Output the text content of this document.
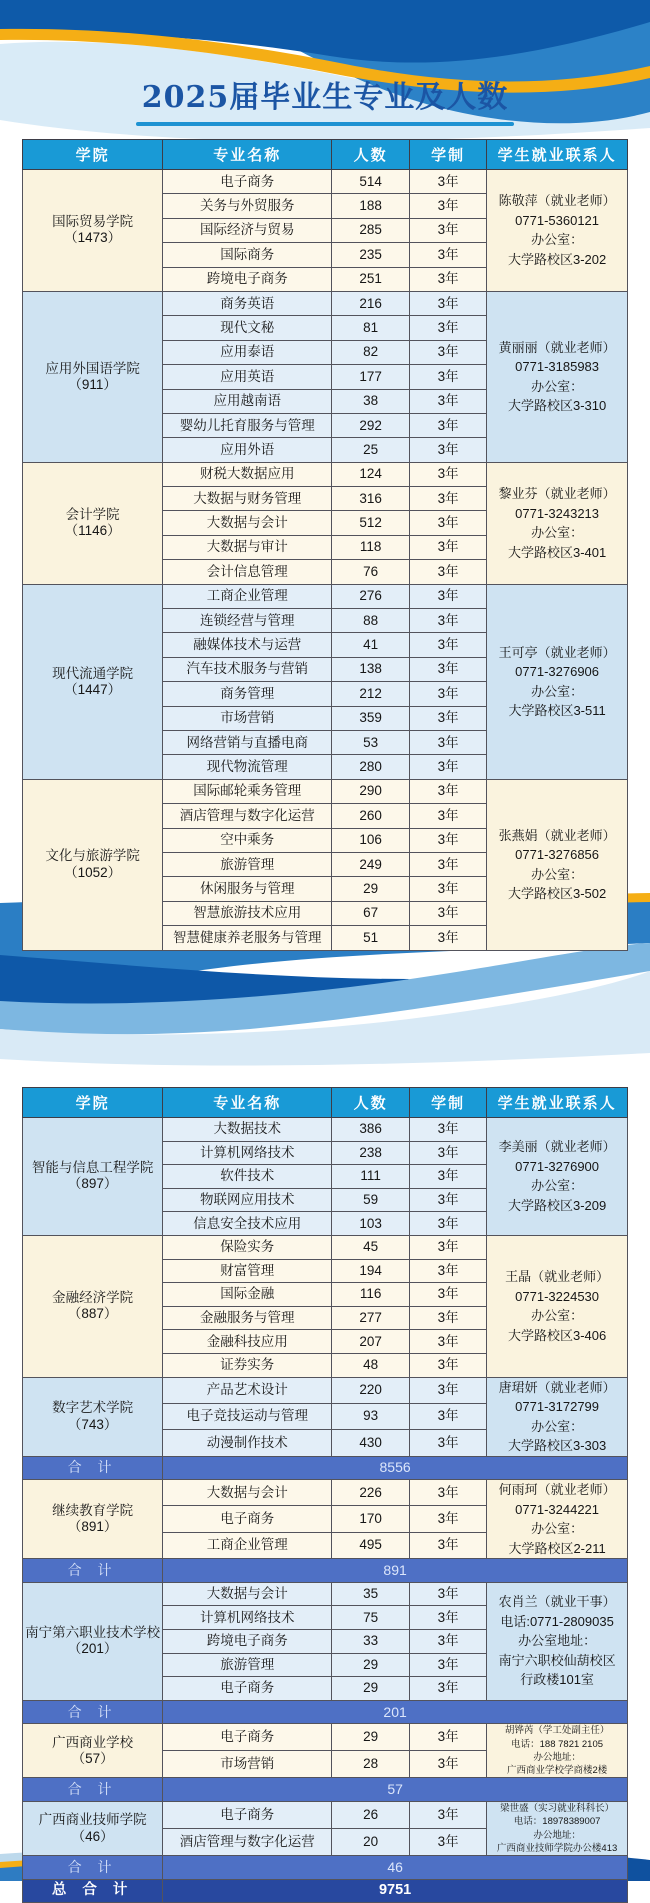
2025届毕业生专业及人数
学院	专业名称	人数	学制	学生就业联系人

国际贸易学院
（1473）
	电子商务	514	3年	
陈敬萍（就业老师）
0771-5360121
办公室：
大学路校区3-202

	关务与外贸服务	188	3年	
	国际经济与贸易	285	3年	
	国际商务	235	3年	
	跨境电子商务	251	3年	

应用外国语学院
（911）
	商务英语	216	3年	
黄丽丽（就业老师）
0771-3185983
办公室：
大学路校区3-310

	现代文秘	81	3年	
	应用泰语	82	3年	
	应用英语	177	3年	
	应用越南语	38	3年	
	婴幼儿托育服务与管理	292	3年	
	应用外语	25	3年	

会计学院
（1146）
	财税大数据应用	124	3年	
黎业芬（就业老师）
0771-3243213
办公室：
大学路校区3-401

	大数据与财务管理	316	3年	
	大数据与会计	512	3年	
	大数据与审计	118	3年	
	会计信息管理	76	3年	

现代流通学院
（1447）
	工商企业管理	276	3年	
王可亭（就业老师）
0771-3276906
办公室：
大学路校区3-511

	连锁经营与管理	88	3年	
	融媒体技术与运营	41	3年	
	汽车技术服务与营销	138	3年	
	商务管理	212	3年	
	市场营销	359	3年	
	网络营销与直播电商	53	3年	
	现代物流管理	280	3年	

文化与旅游学院
（1052）
	国际邮轮乘务管理	290	3年	
张燕娟（就业老师）
0771-3276856
办公室：
大学路校区3-502

	酒店管理与数字化运营	260	3年	
	空中乘务	106	3年	
	旅游管理	249	3年	
	休闲服务与管理	29	3年	
	智慧旅游技术应用	67	3年	
	智慧健康养老服务与管理	51	3年	
学院	专业名称	人数	学制	学生就业联系人

智能与信息工程学院
（897）
	大数据技术	386	3年	
李美丽（就业老师）
0771-3276900
办公室：
大学路校区3-209

	计算机网络技术	238	3年	
	软件技术	111	3年	
	物联网应用技术	59	3年	
	信息安全技术应用	103	3年	

金融经济学院
（887）
	保险实务	45	3年	
王晶（就业老师）
0771-3224530
办公室：
大学路校区3-406

	财富管理	194	3年	
	国际金融	116	3年	
	金融服务与管理	277	3年	
	金融科技应用	207	3年	
	证券实务	48	3年	

数字艺术学院
（743）
	产品艺术设计	220	3年	唐珺妍（就业老师）
0771-3172799
办公室：
大学路校区3-303

	电子竞技运动与管理	93	3年	
	动漫制作技术	430	3年	
合 计	8556			

继续教育学院
（891）
	大数据与会计	226	3年	何雨珂（就业老师）
0771-3244221
办公室：
大学路校区2-211

	电子商务	170	3年	
	工商企业管理	495	3年	
合 计	891			

南宁第六职业技术学校
（201）
	大数据与会计	35	3年	
农肖兰（就业干事）
电话:0771-2809035
办公室地址：
南宁六职校仙葫校区
行政楼101室

	计算机网络技术	75	3年	
	跨境电子商务	33	3年	
	旅游管理	29	3年	
	电子商务	29	3年	
合 计	201			

广西商业学校
（57）
	电子商务	29	3年	胡铧芮（学工处副主任）
电话：188 7821 2105
办公地址：
广西商业学校学商楼2楼

	市场营销	28	3年	
合 计	57			

广西商业技师学院
（46）
	电子商务	26	3年	梁世盛（实习就业科科长）
电话：18978389007
办公地址：
广西商业技师学院办公楼413

	酒店管理与数字化运营	20	3年	
合 计	46			
总 合 计	9751			
